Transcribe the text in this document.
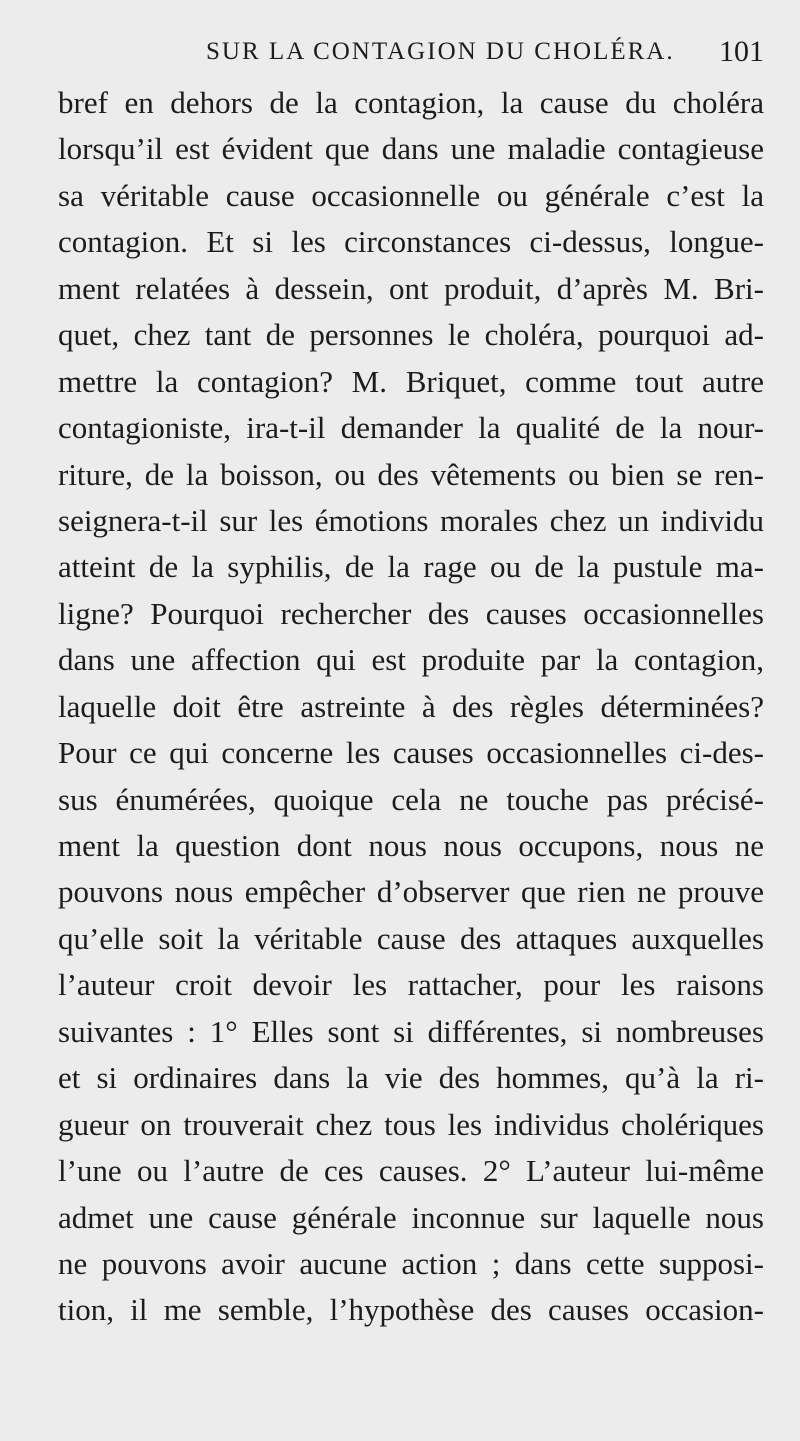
SUR LA CONTAGION DU CHOLÉRA. 101
bref en dehors de la contagion, la cause du choléra
lorsqu’il est évident que dans une maladie contagieuse
sa véritable cause occasionnelle ou générale c’est la
contagion. Et si les circonstances ci-dessus, longue-
ment relatées à dessein, ont produit, d’après M. Bri-
quet, chez tant de personnes le choléra, pourquoi ad-
mettre la contagion? M. Briquet, comme tout autre
contagioniste, ira-t-il demander la qualité de la nour-
riture, de la boisson, ou des vêtements ou bien se ren-
seignera-t-il sur les émotions morales chez un individu
atteint de la syphilis, de la rage ou de la pustule ma-
ligne? Pourquoi rechercher des causes occasionnelles
dans une affection qui est produite par la contagion,
laquelle doit être astreinte à des règles déterminées?
Pour ce qui concerne les causes occasionnelles ci-des-
sus énumérées, quoique cela ne touche pas précisé-
ment la question dont nous nous occupons, nous ne
pouvons nous empêcher d’observer que rien ne prouve
qu’elle soit la véritable cause des attaques auxquelles
l’auteur croit devoir les rattacher, pour les raisons
suivantes : 1° Elles sont si différentes, si nombreuses
et si ordinaires dans la vie des hommes, qu’à la ri-
gueur on trouverait chez tous les individus cholériques
l’une ou l’autre de ces causes. 2° L’auteur lui-même
admet une cause générale inconnue sur laquelle nous
ne pouvons avoir aucune action ; dans cette supposi-
tion, il me semble, l’hypothèse des causes occasion-
